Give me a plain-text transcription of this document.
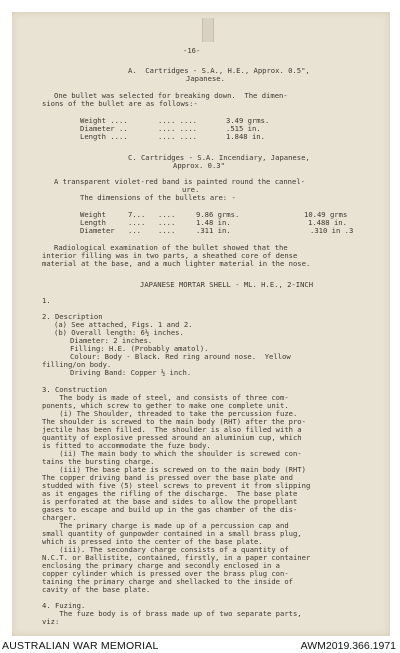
-16-
A.  Cartridges - S.A., H.E., Approx. 0.5",
Japanese.
One bullet was selected for breaking down.  The dimen-
sions of the bullet are as follows:-
Weight ....	.... ....	3.49 grms.
Diameter ..	.... ....	.515 in.
Length ....	.... ....	1.848 in.
C. Cartridges - S.A. Incendiary, Japanese,
Approx. 0.3"
A transparent violet-red band is painted round the cannel-
ure.
The dimensions of the bullets are: -
Weight	7... ....	9.86 grms.	10.49 grms
Length	.... ....	1.48 in.	1.488 in.
Diameter ... ....	.311 in.	.310 in .3
Radiological examination of the bullet showed that the
interior filling was in two parts, a sheathed core of dense
material at the base, and a much lighter material in the nose.
JAPANESE MORTAR SHELL - ML. H.E., 2-INCH
1.
2. Description
(a) See attached, Figs. 1 and 2.
(b) Overall length: 6½ inches.
Diameter: 2 inches.
Filling: H.E. (Probably amatol).
Colour: Body - Black. Red ring around nose.  Yellow
filling/on body.
Driving Band: Copper ½ inch.
3. Construction
The body is made of steel, and consists of three com-
ponents, which screw to gether to make one complete unit.
(i) The Shoulder, threaded to take the percussion fuze.
The shoulder is screwed to the main body (RHT) after the pro-
jectile has been filled.  The shoulder is also filled with a
quantity of explosive pressed around an aluminium cup, which
is fitted to accommodate the fuze body.
(ii) The main body to which the shoulder is screwed con-
tains the bursting charge.
(iii) The base plate is screwed on to the main body (RHT)
The copper driving band is pressed over the base plate and
studded with five (5) steel screws to prevent it from slipping
as it engages the rifling of the discharge.  The base plate
is perforated at the base and sides to allow the propellant
gases to escape and build up in the gas chamber of the dis-
charger.
The primary charge is made up of a percussion cap and
small quantity of gunpowder contained in a small brass plug,
which is pressed into the center of the base plate.
(iii). The secondary charge consists of a quantity of
N.C.T. or Ballistite, contained, firstly, in a paper container
enclosing the primary charge and secondly enclosed in a
copper cylinder which is pressed over the brass plug con-
taining the primary charge and shellacked to the inside of
cavity of the base plate.
4. Fuzing.
The fuze body is of brass made up of two separate parts,
viz:
AUSTRALIAN WAR MEMORIAL	AWM2019.366.1971
